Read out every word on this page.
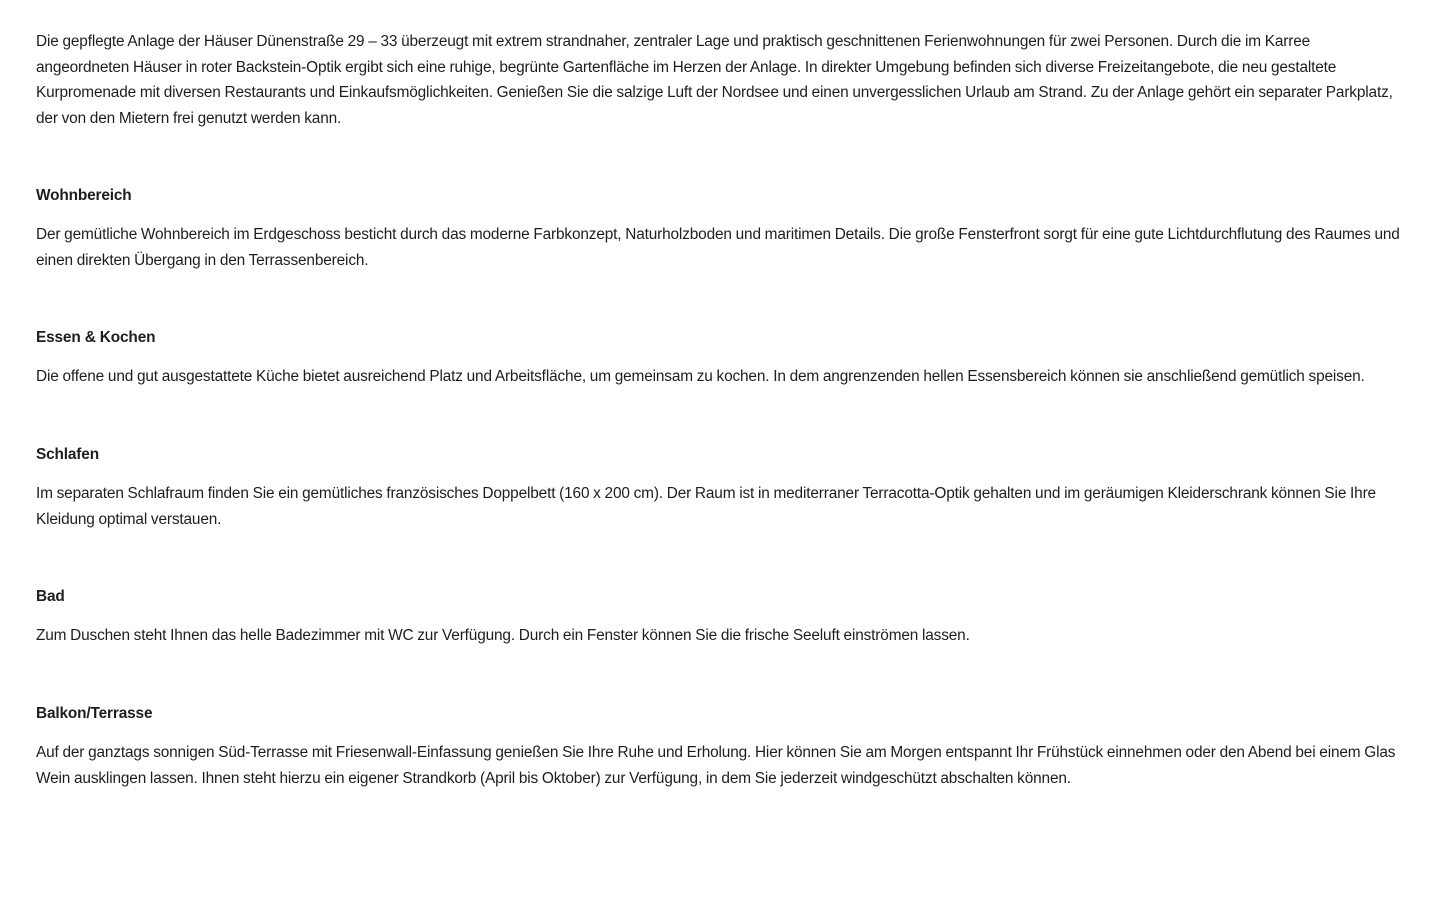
Die gepflegte Anlage der Häuser Dünenstraße 29 – 33 überzeugt mit extrem strandnaher, zentraler Lage und praktisch geschnittenen Ferienwohnungen für zwei Personen. Durch die im Karree angeordneten Häuser in roter Backstein-Optik ergibt sich eine ruhige, begrünte Gartenfläche im Herzen der Anlage. In direkter Umgebung befinden sich diverse Freizeitangebote, die neu gestaltete Kurpromenade mit diversen Restaurants und Einkaufsmöglichkeiten. Genießen Sie die salzige Luft der Nordsee und einen unvergesslichen Urlaub am Strand. Zu der Anlage gehört ein separater Parkplatz, der von den Mietern frei genutzt werden kann.

Wohnbereich

Der gemütliche Wohnbereich im Erdgeschoss besticht durch das moderne Farbkonzept, Naturholzboden und maritimen Details. Die große Fensterfront sorgt für eine gute Lichtdurchflutung des Raumes und einen direkten Übergang in den Terrassenbereich.

Essen & Kochen

Die offene und gut ausgestattete Küche bietet ausreichend Platz und Arbeitsfläche, um gemeinsam zu kochen. In dem angrenzenden hellen Essensbereich können sie anschließend gemütlich speisen.

Schlafen

Im separaten Schlafraum finden Sie ein gemütliches französisches Doppelbett (160 x 200 cm). Der Raum ist in mediterraner Terracotta-Optik gehalten und im geräumigen Kleiderschrank können Sie Ihre Kleidung optimal verstauen.

Bad

Zum Duschen steht Ihnen das helle Badezimmer mit WC zur Verfügung. Durch ein Fenster können Sie die frische Seeluft einströmen lassen.

Balkon/Terrasse

Auf der ganztags sonnigen Süd-Terrasse mit Friesenwall-Einfassung genießen Sie Ihre Ruhe und Erholung. Hier können Sie am Morgen entspannt Ihr Frühstück einnehmen oder den Abend bei einem Glas Wein ausklingen lassen. Ihnen steht hierzu ein eigener Strandkorb (April bis Oktober) zur Verfügung, in dem Sie jederzeit windgeschützt abschalten können.
